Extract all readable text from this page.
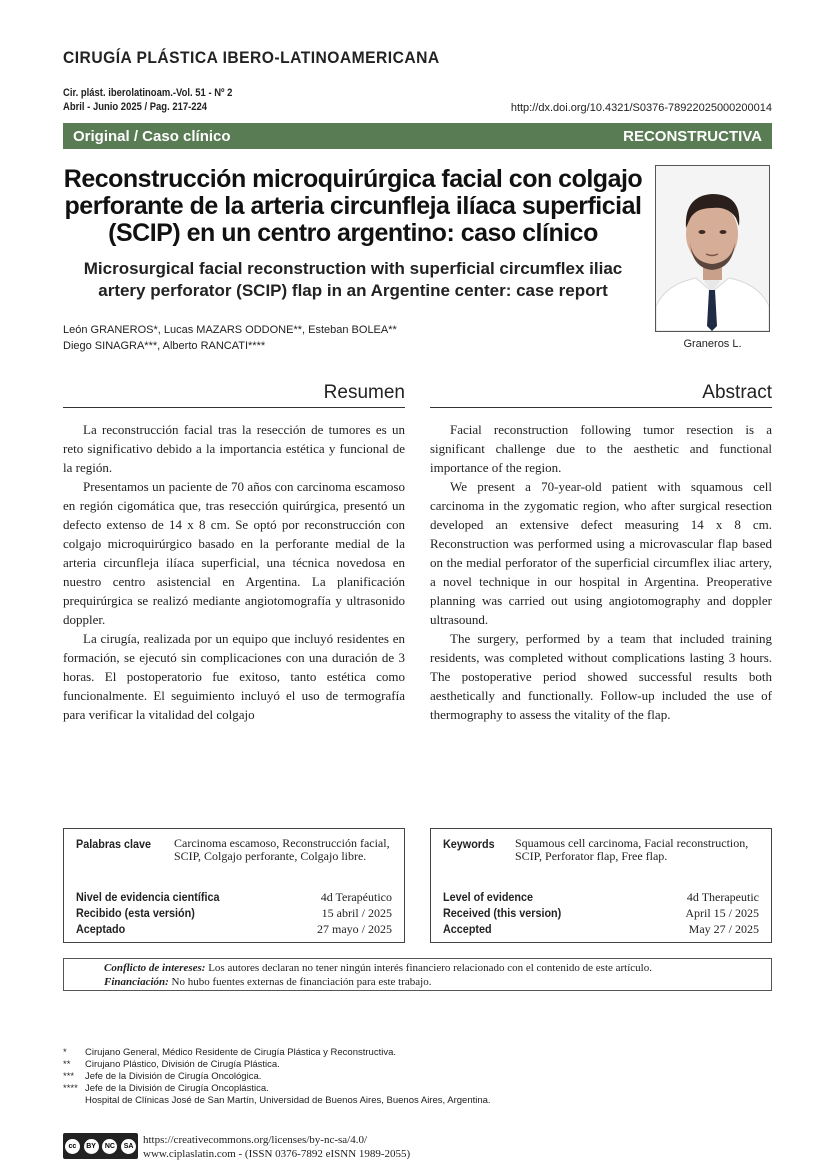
CIRUGÍA PLÁSTICA IBERO-LATINOAMERICANA
Cir. plást. iberolatinoam.-Vol. 51 - Nº 2
Abril - Junio 2025 / Pag. 217-224	http://dx.doi.org/10.4321/S0376-78922025000200014
Original / Caso clínico	RECONSTRUCTIVA
Reconstrucción microquirúrgica facial con colgajo perforante de la arteria circunfleja ilíaca superficial (SCIP) en un centro argentino: caso clínico
Microsurgical facial reconstruction with superficial circumflex iliac artery perforator (SCIP) flap in an Argentine center: case report
León GRANEROS*, Lucas MAZARS ODDONE**, Esteban BOLEA**
Diego SINAGRA***, Alberto RANCATI****	Graneros L.
Resumen	Abstract

La reconstrucción facial tras la resección de tumores es un reto significativo debido a la importancia estética y funcional de la región.

Presentamos un paciente de 70 años con carcinoma escamoso en región cigomática que, tras resección quirúrgica, presentó un defecto extenso de 14 x 8 cm. Se optó por reconstrucción con colgajo microquirúrgico basado en la perforante medial de la arteria circunfleja ilíaca superficial, una técnica novedosa en nuestro centro asistencial en Argentina. La planificación prequirúrgica se realizó mediante angiotomografía y ultrasonido doppler.

La cirugía, realizada por un equipo que incluyó residentes en formación, se ejecutó sin complicaciones con una duración de 3 horas. El postoperatorio fue exitoso, tanto estética como funcionalmente. El seguimiento incluyó el uso de termografía para verificar la vitalidad del colgajo

Facial reconstruction following tumor resection is a significant challenge due to the aesthetic and functional importance of the region.

We present a 70-year-old patient with squamous cell carcinoma in the zygomatic region, who after surgical resection developed an extensive defect measuring 14 x 8 cm. Reconstruction was performed using a microvascular flap based on the medial perforator of the superficial circumflex iliac artery, a novel technique in our hospital in Argentina. Preoperative planning was carried out using angiotomography and doppler ultrasound.

The surgery, performed by a team that included training residents, was completed without complications lasting 3 hours. The postoperative period showed successful results both aesthetically and functionally. Follow-up included the use of thermography to assess the vitality of the flap.

Palabras clave	Carcinoma escamoso, Reconstrucción facial, SCIP, Colgajo perforante, Colgajo libre.
Nivel de evidencia científica	4d Terapéutico
Recibido (esta versión)	15 abril / 2025
Aceptado	27 mayo / 2025
Keywords	Squamous cell carcinoma, Facial reconstruction, SCIP, Perforator flap, Free flap.
Level of evidence	4d Therapeutic
Received (this version)	April 15 / 2025
Accepted	May 27 / 2025
Conflicto de intereses: Los autores declaran no tener ningún interés financiero relacionado con el contenido de este artículo.
Financiación: No hubo fuentes externas de financiación para este trabajo.
*	Cirujano General, Médico Residente de Cirugía Plástica y Reconstructiva.
**	Cirujano Plástico, División de Cirugía Plástica.
***	Jefe de la División de Cirugía Oncológica.
**** Jefe de la División de Cirugía Oncoplástica.
Hospital de Clínicas José de San Martín, Universidad de Buenos Aires, Buenos Aires, Argentina.
cc	BY	NC	SA https://creativecommons.org/licenses/by-nc-sa/4.0/
www.ciplaslatin.com - (ISSN 0376-7892 eISNN 1989-2055)
